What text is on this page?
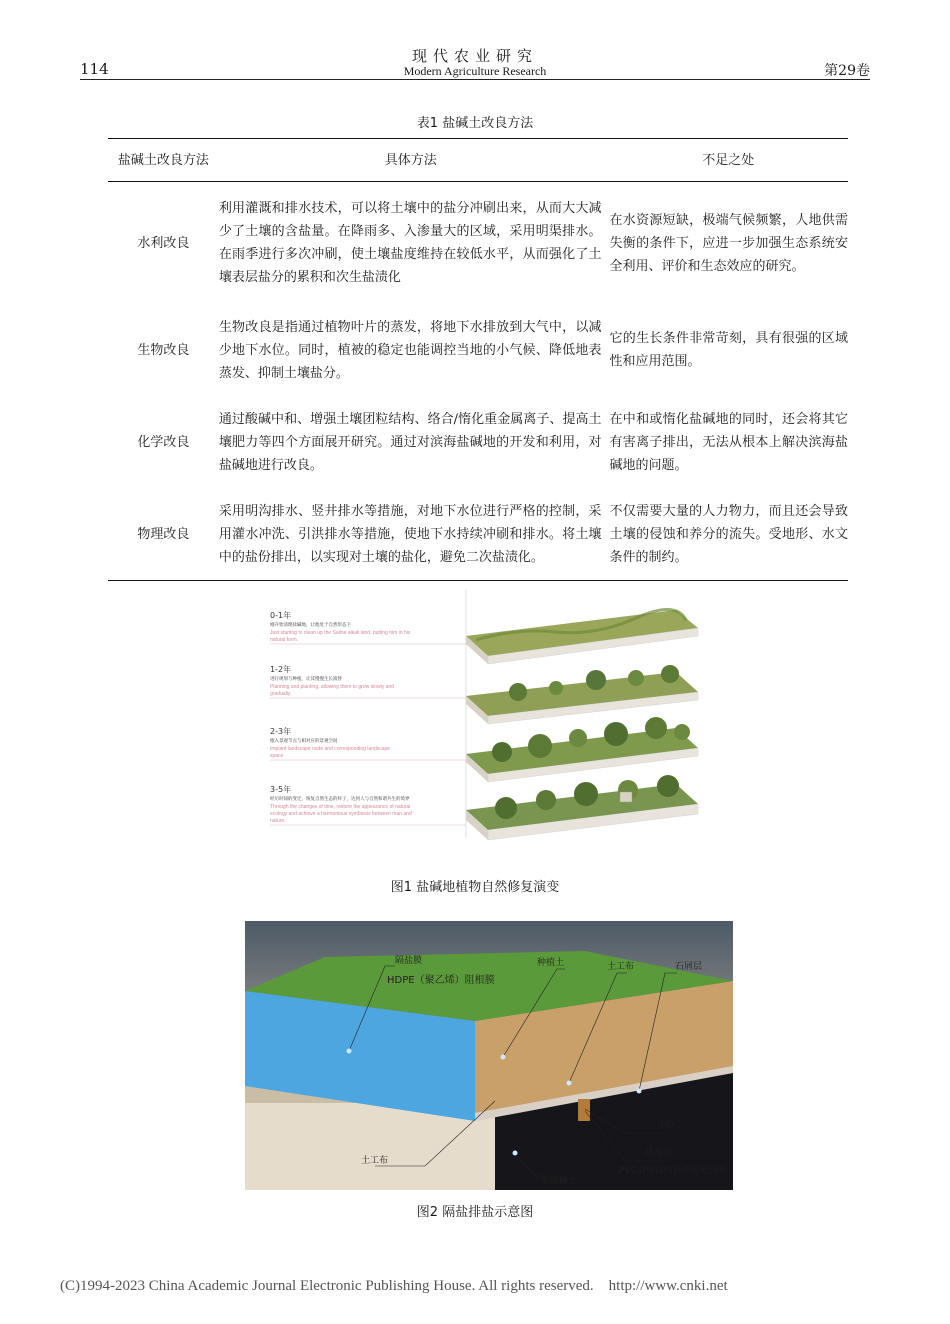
114
现代农业研究
Modern Agriculture Research	第29卷
表1 盐碱土改良方法
盐碱土改良方法	具体方法	不足之处
水利改良	利用灌溉和排水技术，可以将土壤中的盐分冲刷出来，从而大大减少了土壤的含盐量。在降雨多、入渗量大的区域，采用明渠排水。在雨季进行多次冲刷，使土壤盐度维持在较低水平，从而强化了土壤表层盐分的累积和次生盐渍化	在水资源短缺，极端气候频繁，人地供需失衡的条件下，应进一步加强生态系统安全利用、评价和生态效应的研究。
生物改良	生物改良是指通过植物叶片的蒸发，将地下水排放到大气中，以减少地下水位。同时，植被的稳定也能调控当地的小气候、降低地表蒸发、抑制土壤盐分。	它的生长条件非常苛刻，具有很强的区域性和应用范围。
化学改良	通过酸碱中和、增强土壤团粒结构、络合/惰化重金属离子、提高土壤肥力等四个方面展开研究。通过对滨海盐碱地的开发和利用，对盐碱地进行改良。	在中和或惰化盐碱地的同时，还会将其它有害离子排出，无法从根本上解决滨海盐碱地的问题。
物理改良	采用明沟排水、竖井排水等措施，对地下水位进行严格的控制，采用灌水冲洗、引洪排水等措施，使地下水持续冲刷和排水。将土壤中的盐份排出，以实现对土壤的盐化，避免二次盐渍化。	不仅需要大量的人力物力，而且还会导致土壤的侵蚀和养分的流失。受地形、水文条件的制约。
0-1年
刚开始清理盐碱地，让他处于自然形态下
Just starting to clean up the Saline alkali land, putting him in his
natural form.
1-2年
进行规划与种植，让其慢慢生长演替
Planning and planting, allowing them to grow slowly and
gradually.
2-3年
植入景观节点与相对应的景观空间
Implant landscape node and corresponding landscape
space
3-5年
经历时间的变迁，恢复自然生态的样子，达到人与自然和谐共生的境界
Through the changes of time, restore the appearance of natural
ecology and achieve a harmonious symbiosis between man and
nature.
图1 盐碱地植物自然修复演变
隔盐膜
HDPE（聚乙烯）阻根膜
种植土	土工布	石屑层
中砂
排盐管
PVC双壁波纹管外包无纺布
土工布
原盐碱土
图2 隔盐排盐示意图
(C)1994-2023 China Academic Journal Electronic Publishing House. All rights reserved. http://www.cnki.net
